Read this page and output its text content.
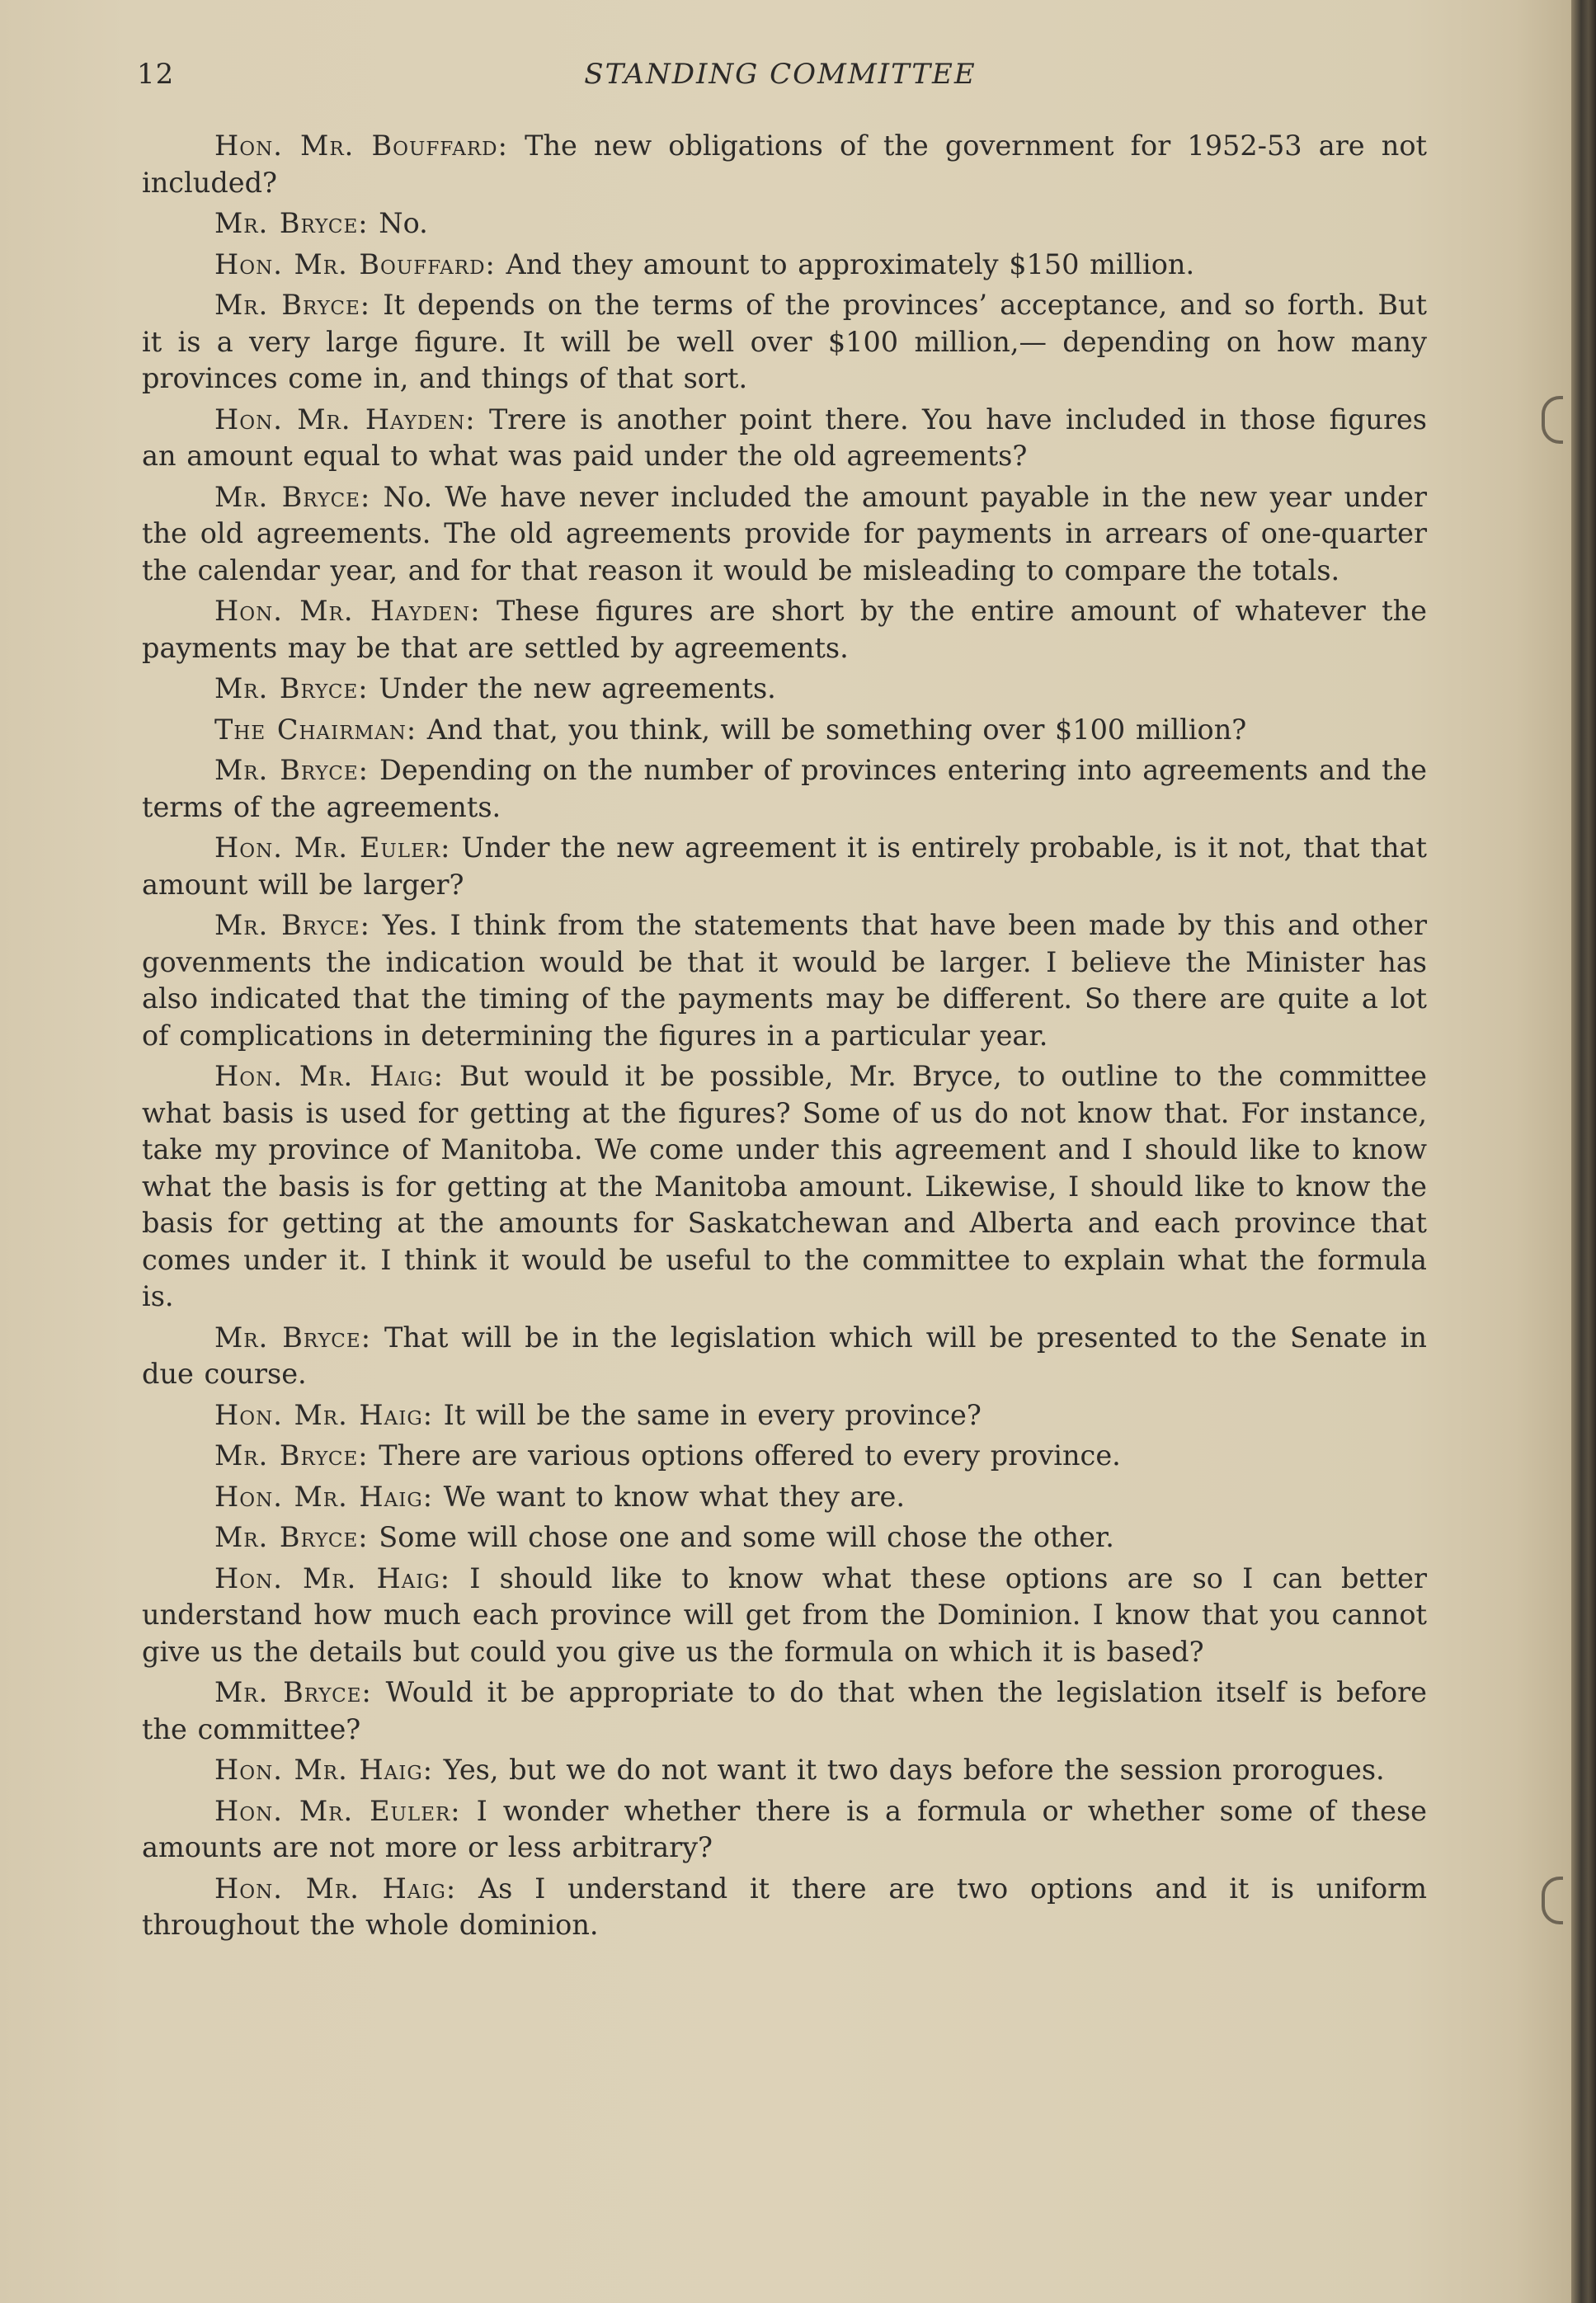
12	STANDING COMMITTEE

Hon. Mr. Bouffard: The new obligations of the government for 1952-53 are not included?

Mr. Bryce: No.

Hon. Mr. Bouffard: And they amount to approximately $150 million.

Mr. Bryce: It depends on the terms of the provinces’ acceptance, and so forth. But it is a very large figure. It will be well over $100 million,— depending on how many provinces come in, and things of that sort.

Hon. Mr. Hayden: Trere is another point there. You have included in those figures an amount equal to what was paid under the old agreements?

Mr. Bryce: No. We have never included the amount payable in the new year under the old agreements. The old agreements provide for payments in arrears of one-quarter the calendar year, and for that reason it would be misleading to compare the totals.

Hon. Mr. Hayden: These figures are short by the entire amount of whatever the payments may be that are settled by agreements.

Mr. Bryce: Under the new agreements.

The Chairman: And that, you think, will be something over $100 million?

Mr. Bryce: Depending on the number of provinces entering into agreements and the terms of the agreements.

Hon. Mr. Euler: Under the new agreement it is entirely probable, is it not, that that amount will be larger?

Mr. Bryce: Yes. I think from the statements that have been made by this and other govenments the indication would be that it would be larger. I believe the Minister has also indicated that the timing of the payments may be different. So there are quite a lot of complications in determining the figures in a particular year.

Hon. Mr. Haig: But would it be possible, Mr. Bryce, to outline to the committee what basis is used for getting at the figures? Some of us do not know that. For instance, take my province of Manitoba. We come under this agreement and I should like to know what the basis is for getting at the Manitoba amount. Likewise, I should like to know the basis for getting at the amounts for Saskatchewan and Alberta and each province that comes under it. I think it would be useful to the committee to explain what the formula is.

Mr. Bryce: That will be in the legislation which will be presented to the Senate in due course.

Hon. Mr. Haig: It will be the same in every province?

Mr. Bryce: There are various options offered to every province.

Hon. Mr. Haig: We want to know what they are.

Mr. Bryce: Some will chose one and some will chose the other.

Hon. Mr. Haig: I should like to know what these options are so I can better understand how much each province will get from the Dominion. I know that you cannot give us the details but could you give us the formula on which it is based?

Mr. Bryce: Would it be appropriate to do that when the legislation itself is before the committee?

Hon. Mr. Haig: Yes, but we do not want it two days before the session prorogues.

Hon. Mr. Euler: I wonder whether there is a formula or whether some of these amounts are not more or less arbitrary?

Hon. Mr. Haig: As I understand it there are two options and it is uniform throughout the whole dominion.
